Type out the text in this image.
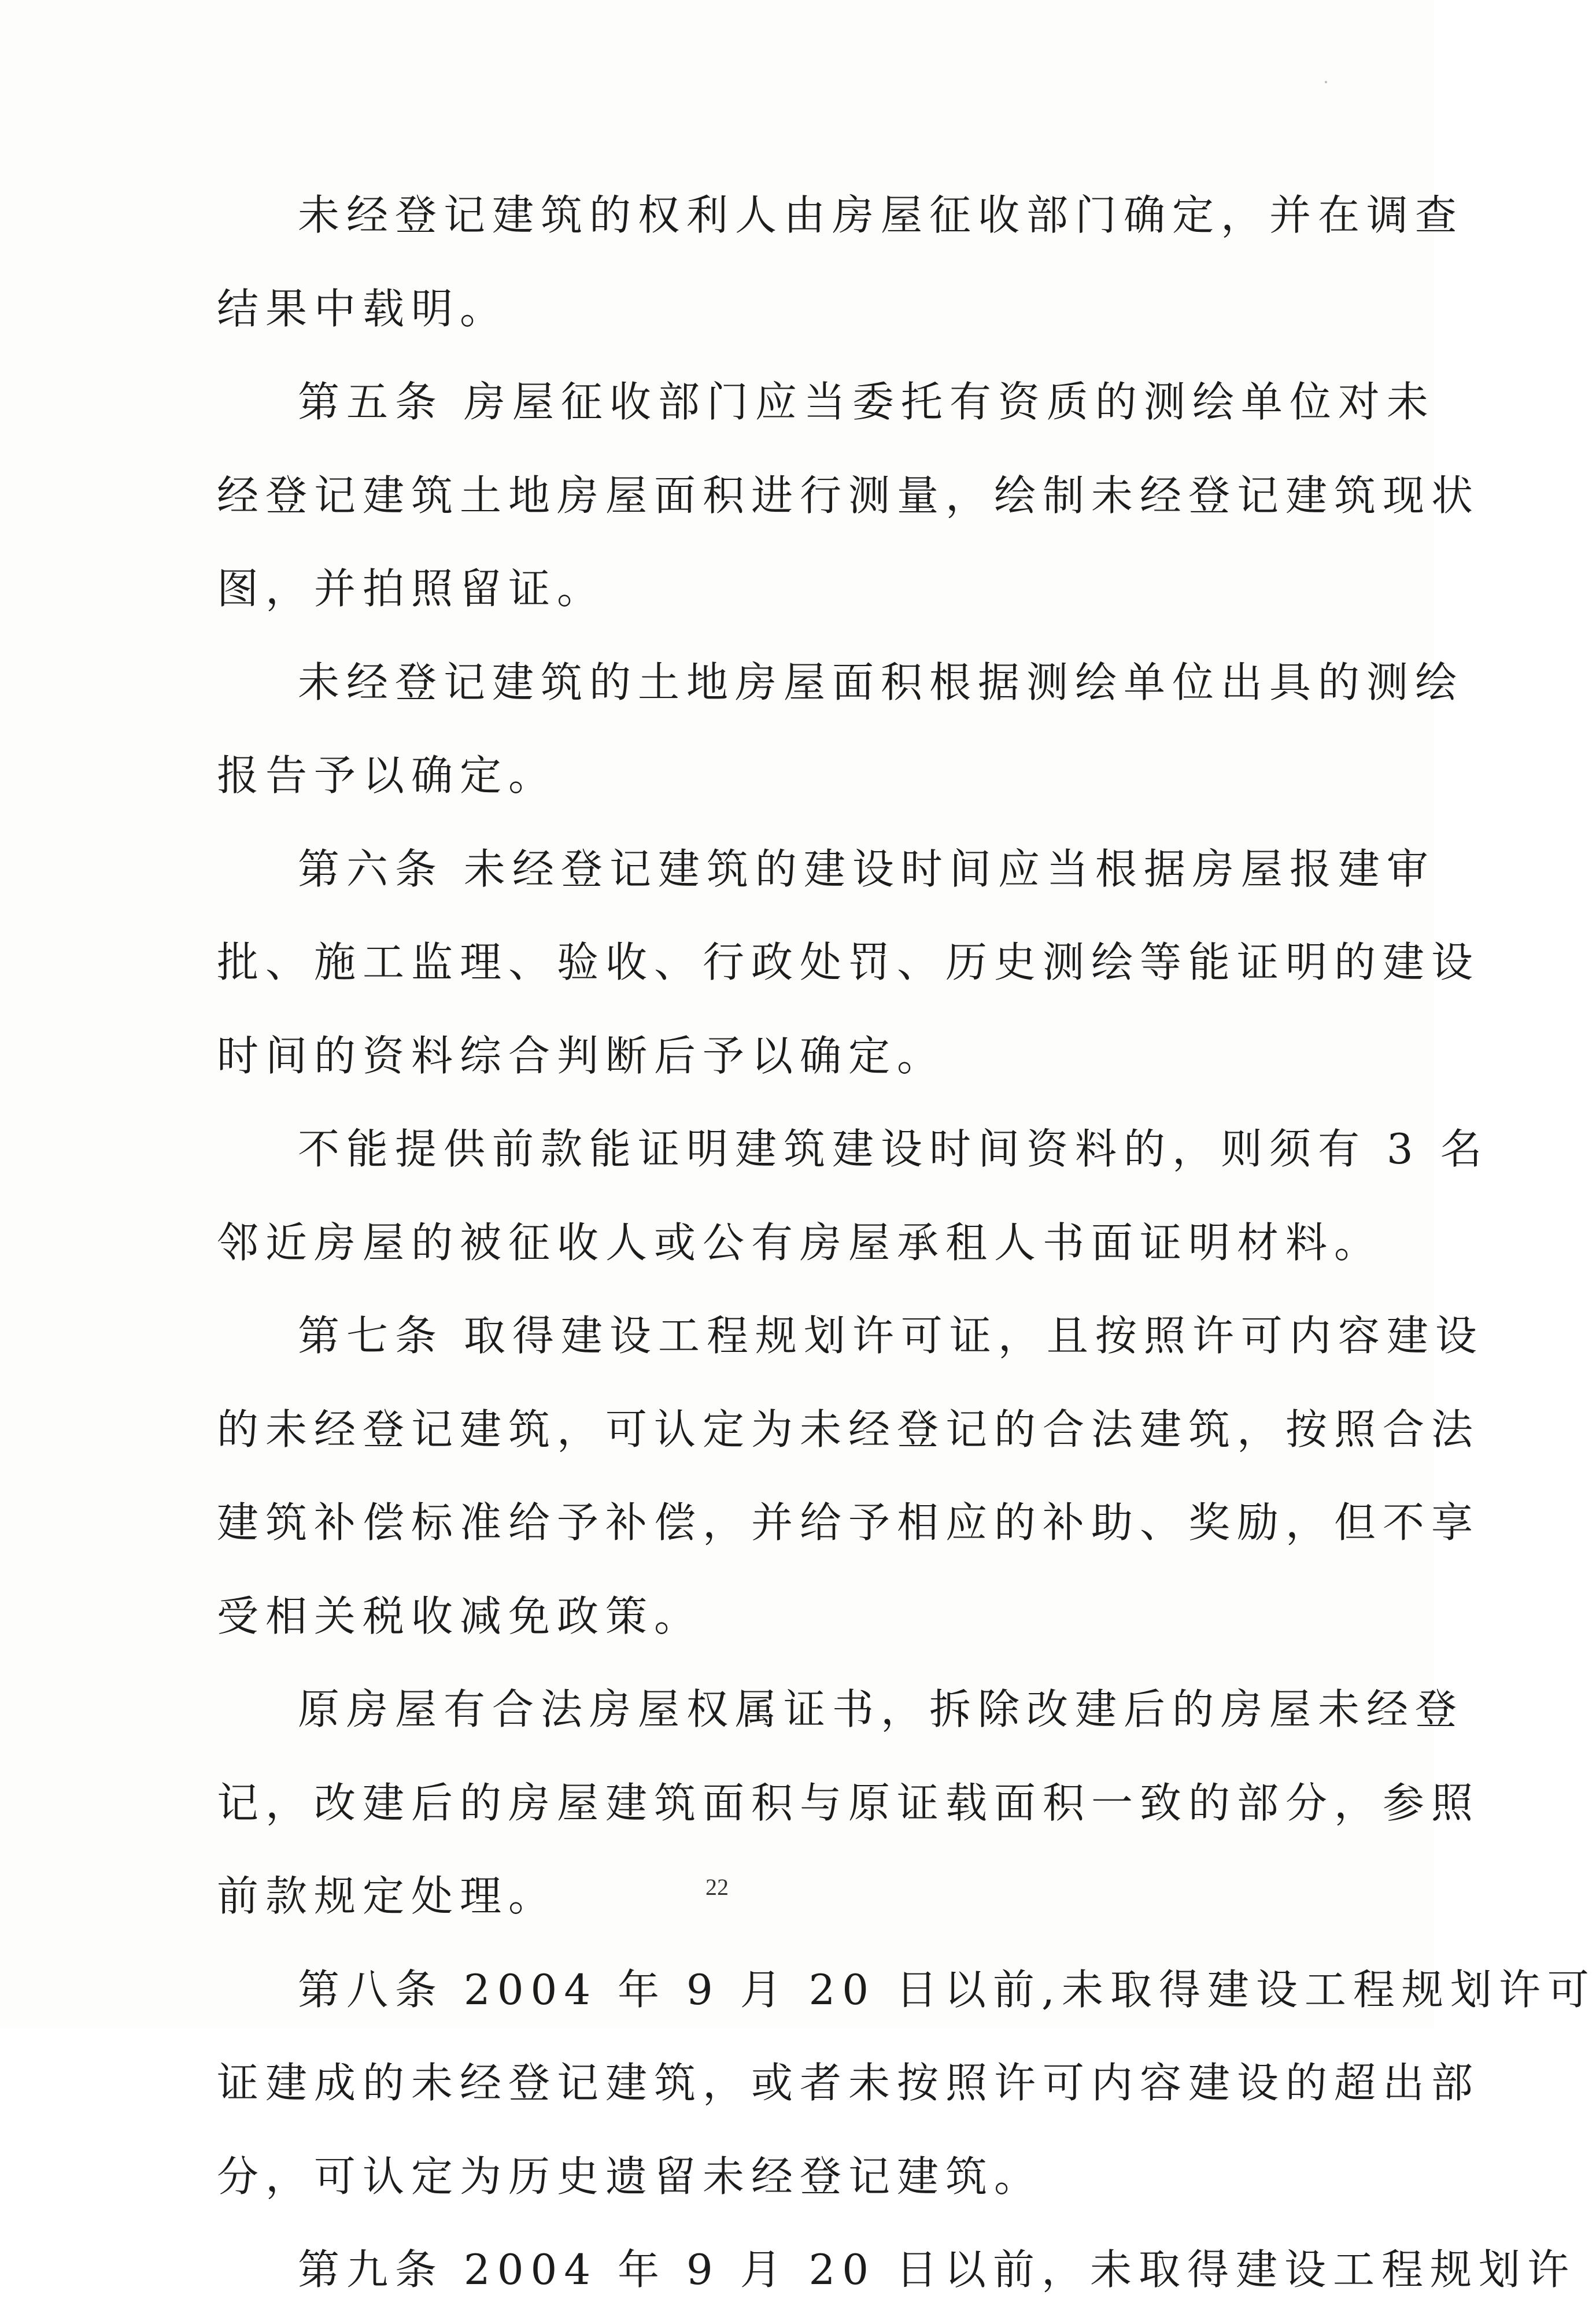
未经登记建筑的权利人由房屋征收部门确定，并在调查
结果中载明。
第五条 房屋征收部门应当委托有资质的测绘单位对未
经登记建筑土地房屋面积进行测量，绘制未经登记建筑现状
图，并拍照留证。
未经登记建筑的土地房屋面积根据测绘单位出具的测绘
报告予以确定。
第六条 未经登记建筑的建设时间应当根据房屋报建审
批、施工监理、验收、行政处罚、历史测绘等能证明的建设
时间的资料综合判断后予以确定。
不能提供前款能证明建筑建设时间资料的，则须有 3 名
邻近房屋的被征收人或公有房屋承租人书面证明材料。
第七条 取得建设工程规划许可证，且按照许可内容建设
的未经登记建筑，可认定为未经登记的合法建筑，按照合法
建筑补偿标准给予补偿，并给予相应的补助、奖励，但不享
受相关税收减免政策。
原房屋有合法房屋权属证书，拆除改建后的房屋未经登
记，改建后的房屋建筑面积与原证载面积一致的部分，参照
前款规定处理。
第八条 2004 年 9 月 20 日以前,未取得建设工程规划许可
证建成的未经登记建筑，或者未按照许可内容建设的超出部
分，可认定为历史遗留未经登记建筑。
第九条 2004 年 9 月 20 日以前，未取得建设工程规划许
22
